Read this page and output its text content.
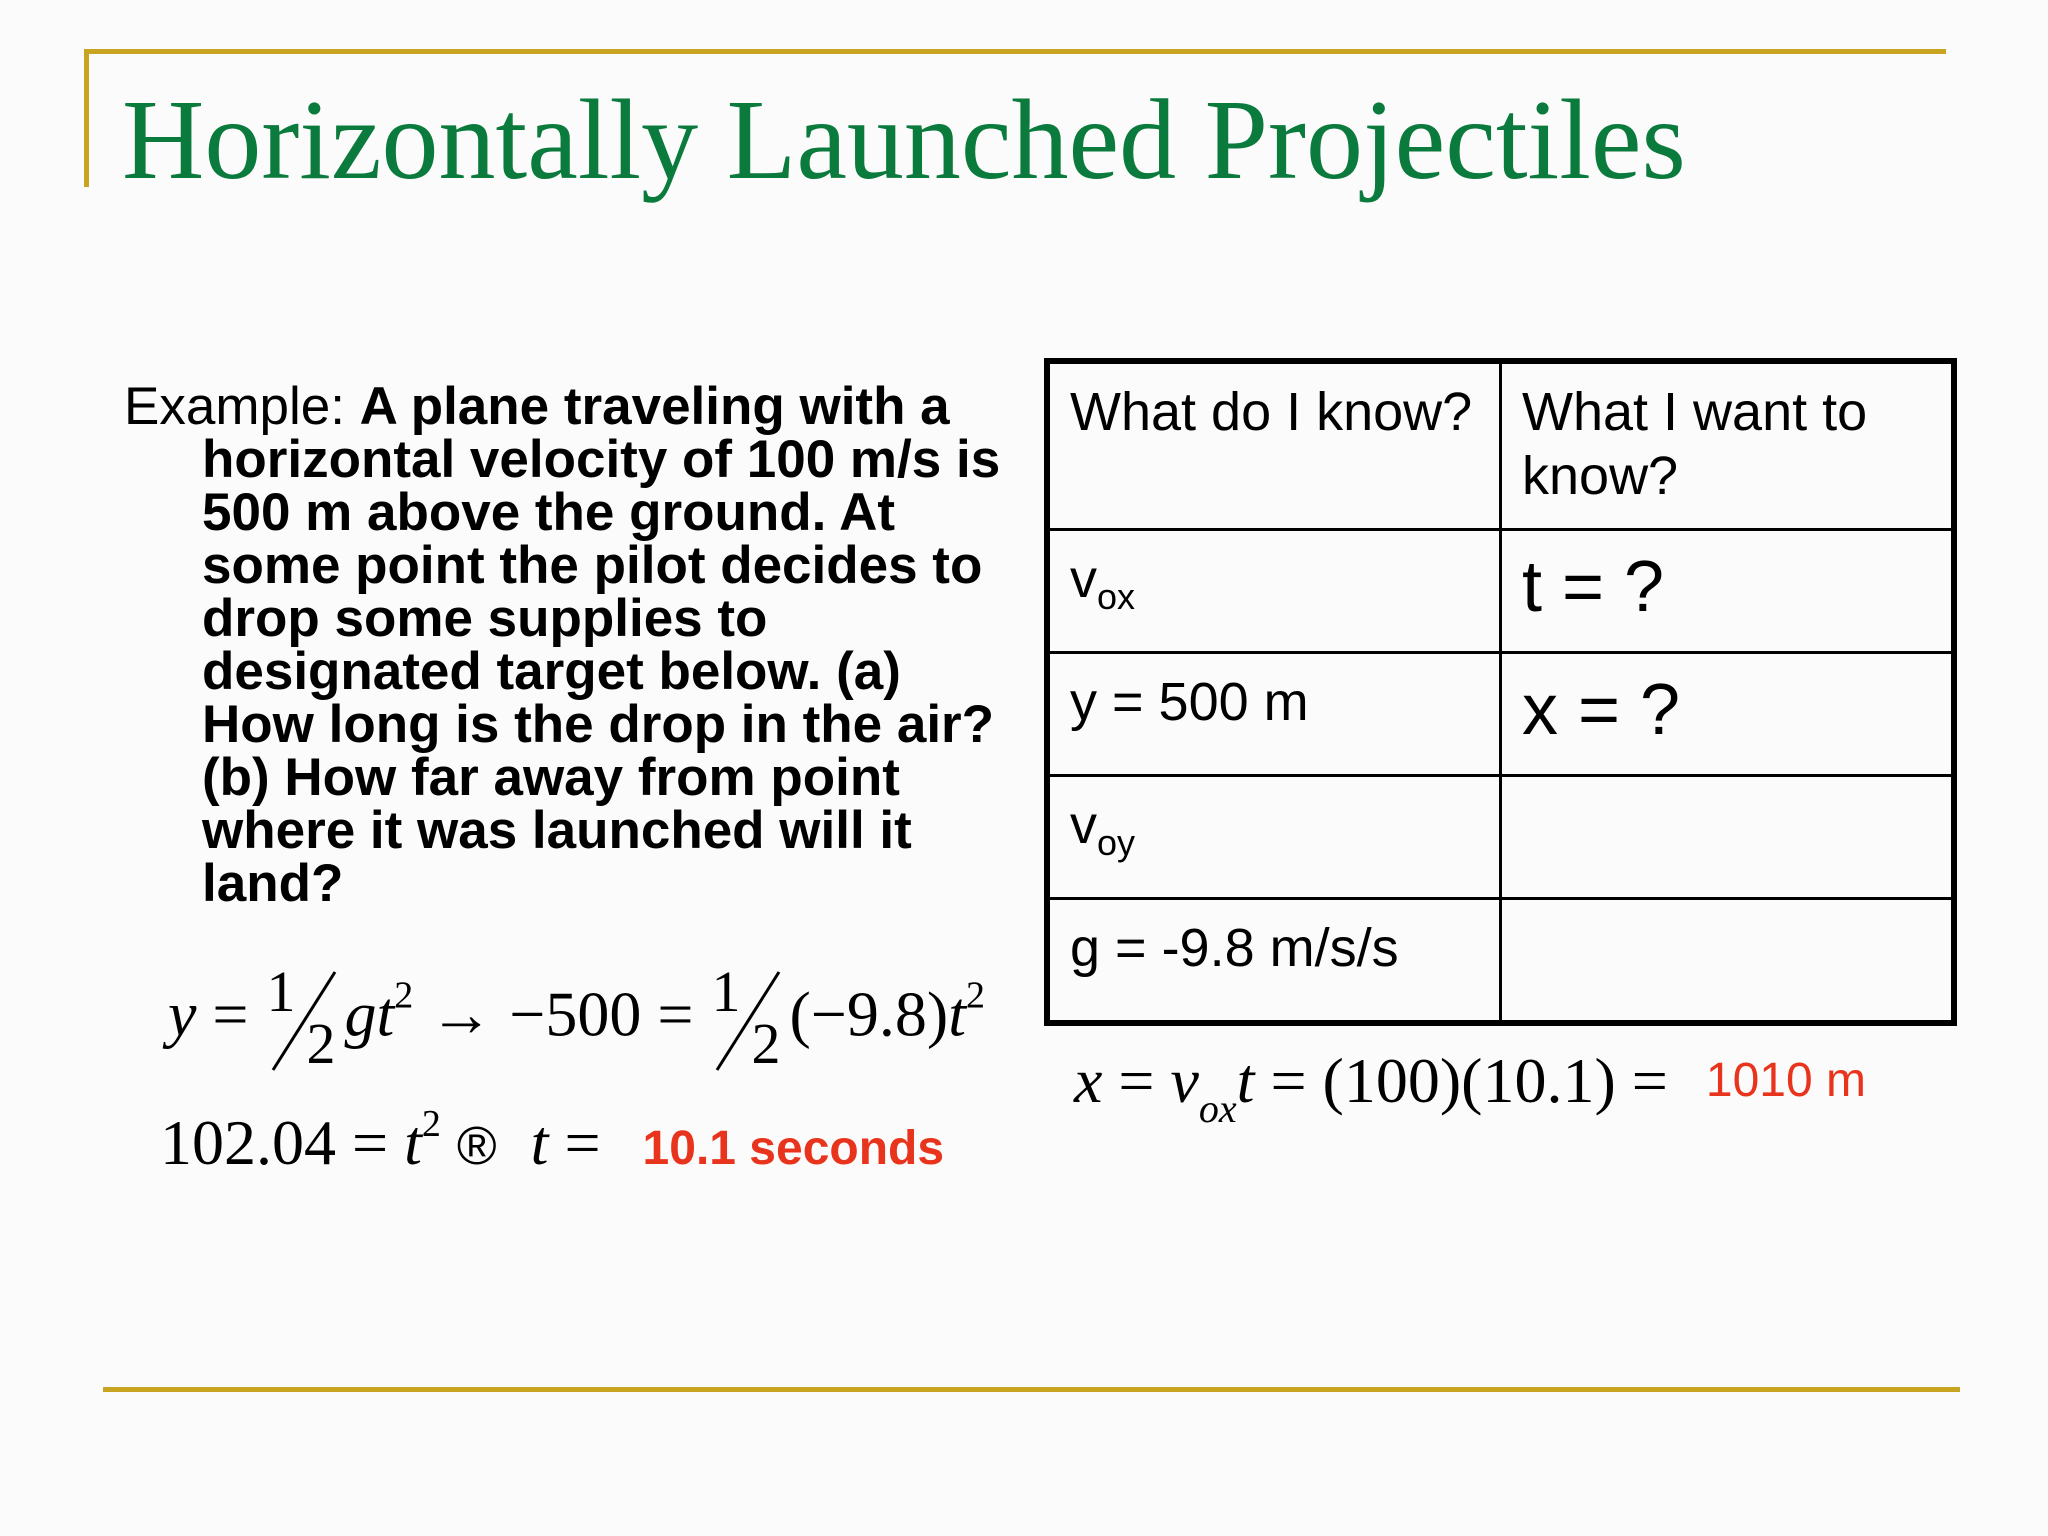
Horizontally Launched Projectiles

Example: A plane traveling with a horizontal velocity of 100 m/s is 500 m above the ground. At some point the pilot decides to drop some supplies to designated target below. (a) How long is the drop in the air? (b) How far away from point where it was launched will it land?

What do I know?	What I want to know?
$v_{ox}$	t = ?
y = 500 m	x = ?
$v_{oy}$	
g = -9.8 m/s/s	
y = 1
2 $gt^2 \to -500 = 1$
2 $(-9.8)t^2$
$102.04 = t^2$ ® t = 10.1 seconds
$x = v_{ox}t = (100)(10.1) = 1010$ m
